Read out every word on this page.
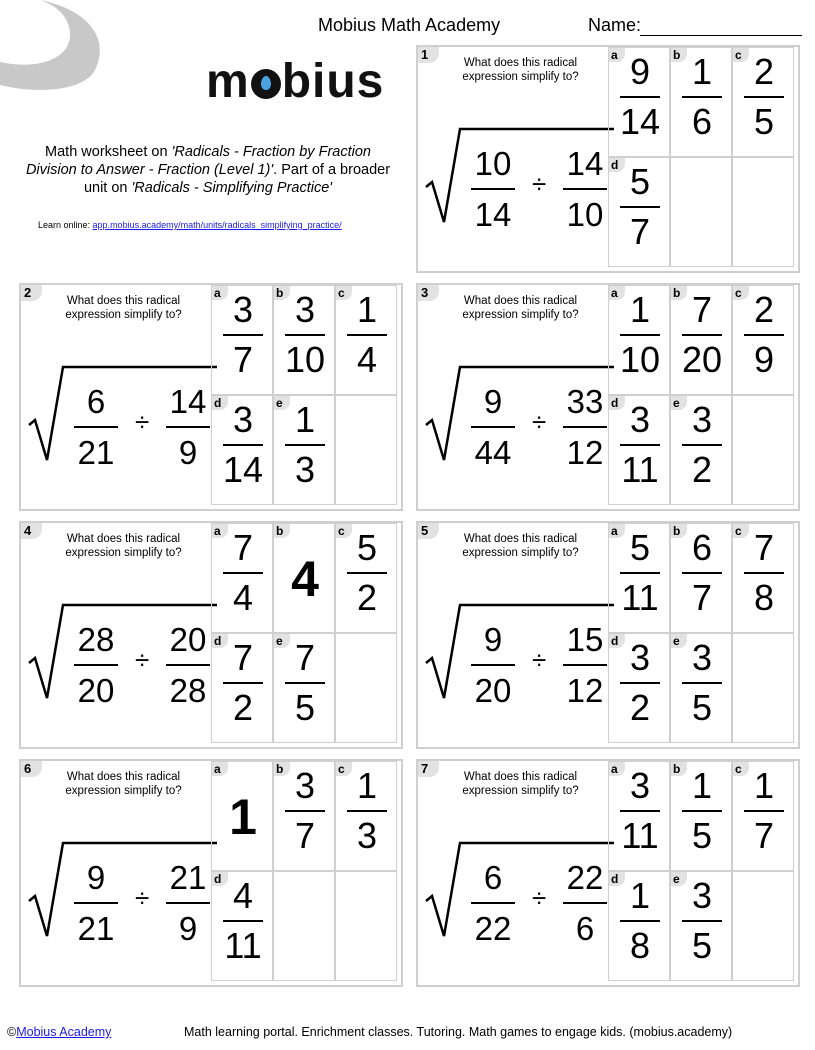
Mobius Math Academy	Name:
m bius
Math worksheet on 'Radicals - Fraction by Fraction Division to Answer - Fraction (Level 1)'. Part of a broader unit on 'Radicals - Simplifying Practice'
Learn online: app.mobius.academy/math/units/radicals_simplifying_practice/
1
What does this radical expression simplify to?
10
14
÷
14
10
a 9
14
b 1
6
c 2
5
d 5
7
2
What does this radical expression simplify to?
6
21
÷
14
9
a 3
7
b 3
10
c 1
4
d 3
14
e 1
3
3
What does this radical expression simplify to?
9
44
÷
33
12
a 1
10
b 7
20
c 2
9
d 3
11
e 3
2
4
What does this radical expression simplify to?
28
20
÷
20
28
a 7
4
b
4
c 5
2
d 7
2
e 7
5
5
What does this radical expression simplify to?
9
20
÷
15
12
a 5
11
b 6
7
c 7
8
d 3
2
e 3
5
6
What does this radical expression simplify to?
9
21
÷
21
9
a
1
b 3
7
c 1
3
d 4
11
7
What does this radical expression simplify to?
6
22
÷
22
6
a 3
11
b 1
5
c 1
7
d 1
8
e 3
5
©Mobius Academy	Math learning portal. Enrichment classes. Tutoring. Math games to engage kids. (mobius.academy)
